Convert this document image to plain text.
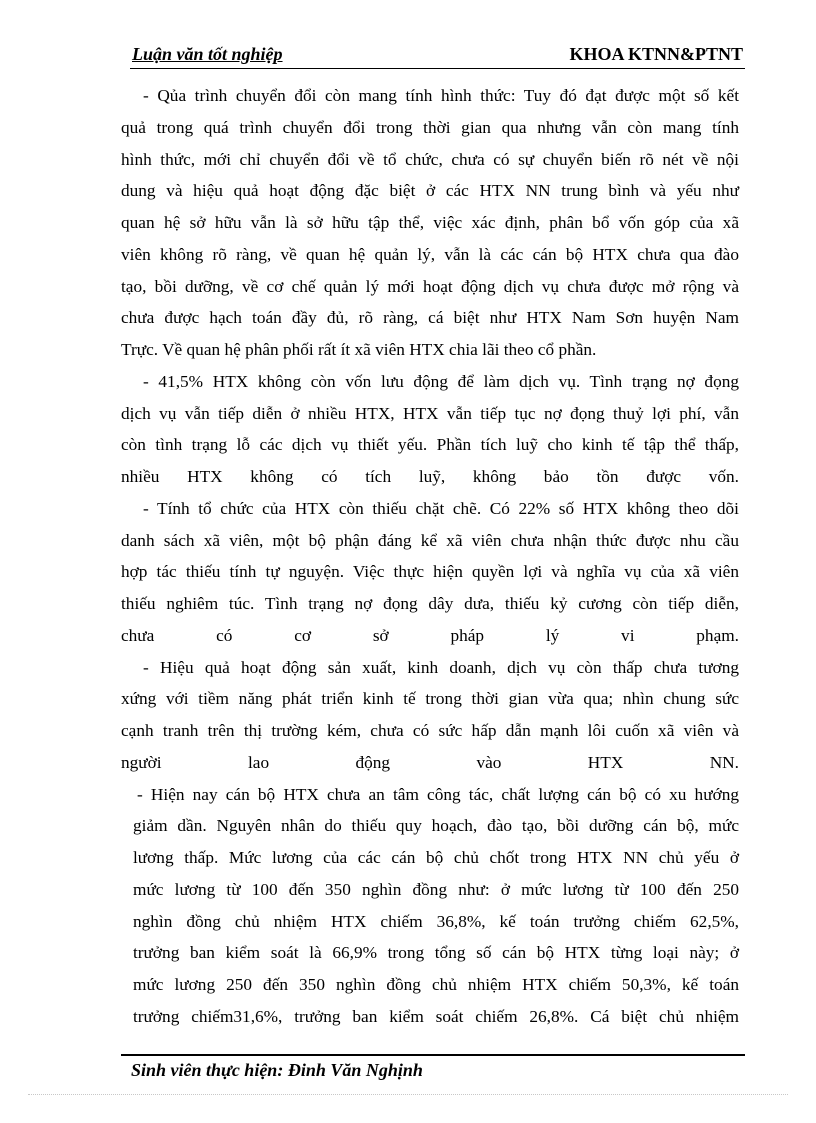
Luận văn tốt nghiệp	KHOA KTNN&PTNT

- Qủa trình chuyển đổi còn mang tính hình thức: Tuy đó đạt được một số kết
quả trong quá trình chuyển đổi trong thời gian qua nhưng vẫn còn mang tính
hình thức, mới chỉ chuyển đổi về tổ chức, chưa có sự chuyển biến rõ nét về nội
dung và hiệu quả hoạt động đặc biệt ở các HTX NN trung bình và yếu như
quan hệ sở hữu vẫn là sở hữu tập thể, việc xác định, phân bổ vốn góp của xã
viên không rõ ràng, về quan hệ quản lý, vẫn là các cán bộ HTX chưa qua đào
tạo, bồi dưỡng, về cơ chế quản lý mới hoạt động dịch vụ chưa được mở rộng và
chưa được hạch toán đầy đủ, rõ ràng, cá biệt như HTX Nam Sơn huyện Nam
Trực. Về quan hệ phân phối rất ít xã viên HTX chia lãi theo cổ phần.

- 41,5% HTX không còn vốn lưu động để làm dịch vụ. Tình trạng nợ đọng
dịch vụ vẫn tiếp diễn ở nhiều HTX, HTX vẫn tiếp tục nợ đọng thuỷ lợi phí, vẫn
còn tình trạng lỗ các dịch vụ thiết yếu. Phần tích luỹ cho kinh tế tập thể thấp,
nhiều HTX không có tích luỹ, không bảo tồn được vốn.

- Tính tổ chức của HTX còn thiếu chặt chẽ. Có 22% số HTX không theo dõi
danh sách xã viên, một bộ phận đáng kể xã viên chưa nhận thức được nhu cầu
hợp tác thiếu tính tự nguyện. Việc thực hiện quyền lợi và nghĩa vụ của xã viên
thiếu nghiêm túc. Tình trạng nợ đọng dây dưa, thiếu kỷ cương còn tiếp diễn,
chưa có cơ sở pháp lý vi phạm.

- Hiệu quả hoạt động sản xuất, kinh doanh, dịch vụ còn thấp chưa tương
xứng với tiềm năng phát triển kinh tế trong thời gian vừa qua; nhìn chung sức
cạnh tranh trên thị trường kém, chưa có sức hấp dẫn mạnh lôi cuốn xã viên và
người lao động vào HTX NN.

- Hiện nay cán bộ HTX chưa an tâm công tác, chất lượng cán bộ có xu hướng
giảm dần. Nguyên nhân do thiếu quy hoạch, đào tạo, bồi dưỡng cán bộ, mức
lương thấp. Mức lương của các cán bộ chủ chốt trong HTX NN chủ yếu ở
mức lương từ 100 đến 350 nghìn đồng như: ở mức lương từ 100 đến 250
nghìn đồng chủ nhiệm HTX chiếm 36,8%, kế toán trưởng chiếm 62,5%,
trưởng ban kiểm soát là 66,9% trong tổng số cán bộ HTX từng loại này; ở
mức lương 250 đến 350 nghìn đồng chủ nhiệm HTX chiếm 50,3%, kế toán
trưởng chiếm31,6%, trưởng ban kiểm soát chiếm 26,8%. Cá biệt chủ nhiệm

Sinh viên thực hiện: Đinh Văn Nghịnh
